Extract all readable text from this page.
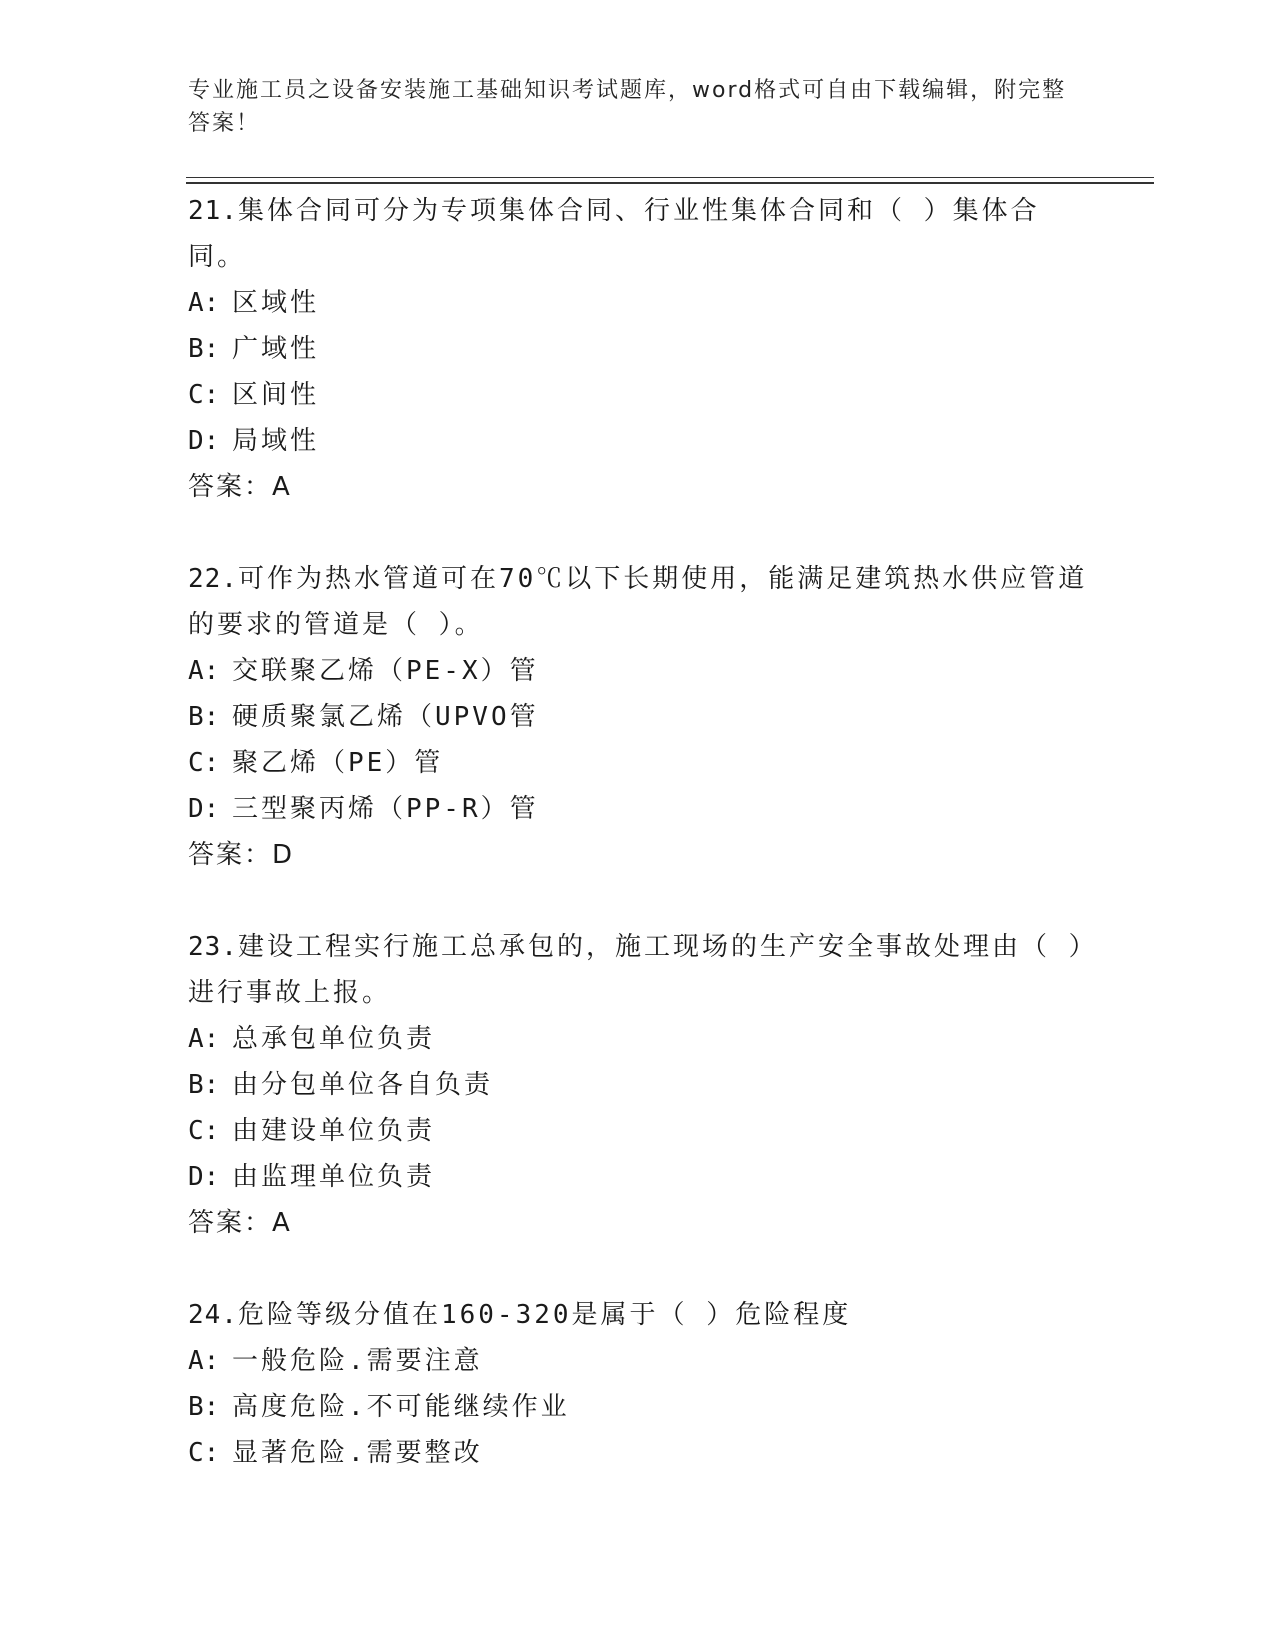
专业施工员之设备安装施工基础知识考试题库，word格式可自由下载编辑，附完整答案！

21.集体合同可分为专项集体合同、行业性集体合同和（ ）集体合同。

A: 区域性

B: 广域性

C: 区间性

D: 局域性

答案：A

22.可作为热水管道可在70℃以下长期使用，能满足建筑热水供应管道的要求的管道是（ ）。

A: 交联聚乙烯（PE-X）管

B: 硬质聚氯乙烯（UPVO管

C: 聚乙烯（PE）管

D: 三型聚丙烯（PP-R）管

答案：D

23.建设工程实行施工总承包的，施工现场的生产安全事故处理由（ ）进行事故上报。

A: 总承包单位负责

B: 由分包单位各自负责

C: 由建设单位负责

D: 由监理单位负责

答案：A

24.危险等级分值在160-320是属于（ ）危险程度

A: 一般危险.需要注意

B: 高度危险.不可能继续作业

C: 显著危险.需要整改
